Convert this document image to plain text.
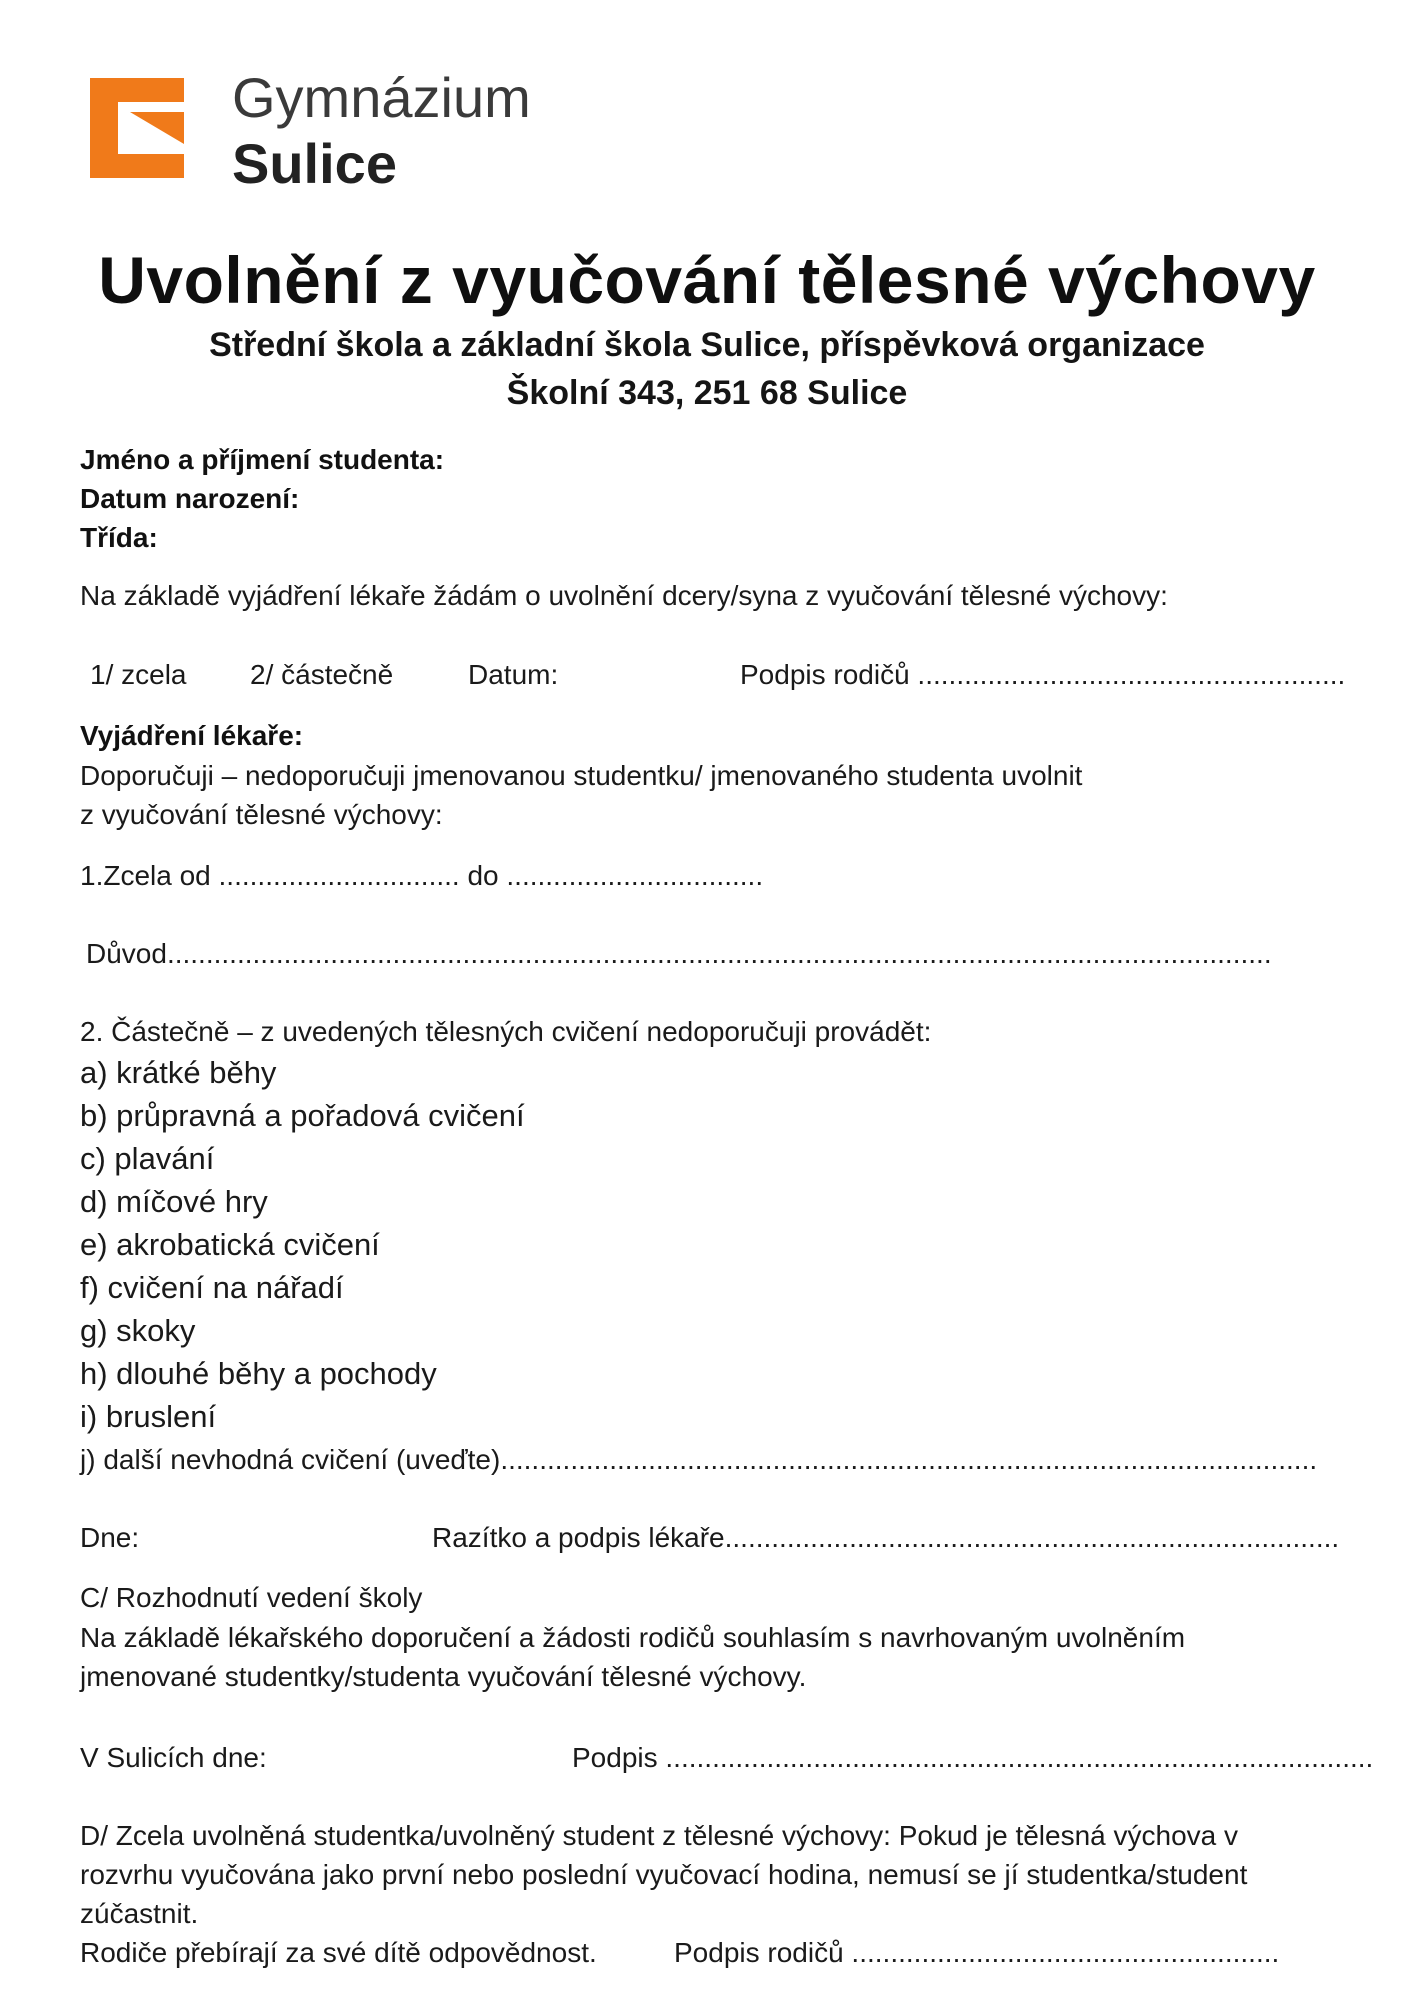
Gymnázium
Sulice
Uvolnění z vyučování tělesné výchovy
Střední škola a základní škola Sulice, příspěvková organizace
Školní 343, 251 68 Sulice
Jméno a příjmení studenta:
Datum narození:
Třída:
Na základě vyjádření lékaře žádám o uvolnění dcery/syna z vyučování tělesné výchovy:
1/ zcela 2/ částečně	Datum:	Podpis rodičů .......................................................
Vyjádření lékaře:
Doporučuji – nedoporučuji jmenovanou studentku/ jmenovaného studenta uvolnit
z vyučování tělesné výchovy:
1.Zcela od ............................... do .................................
Důvod..............................................................................................................................................
2. Částečně – z uvedených tělesných cvičení nedoporučuji provádět:
a) krátké běhy
b) průpravná a pořadová cvičení
c) plavání
d) míčové hry
e) akrobatická cvičení
f) cvičení na nářadí
g) skoky
h) dlouhé běhy a pochody
i) bruslení
j) další nevhodná cvičení (uveďte).........................................................................................................
Dne:	Razítko a podpis lékaře...............................................................................
C/ Rozhodnutí vedení školy
Na základě lékařského doporučení a žádosti rodičů souhlasím s navrhovaným uvolněním
jmenované studentky/studenta vyučování tělesné výchovy.
V Sulicích dne:	Podpis ...........................................................................................
D/ Zcela uvolněná studentka/uvolněný student z tělesné výchovy: Pokud je tělesná výchova v
rozvrhu vyučována jako první nebo poslední vyučovací hodina, nemusí se jí studentka/student
zúčastnit.
Rodiče přebírají za své dítě odpovědnost.	Podpis rodičů .......................................................
